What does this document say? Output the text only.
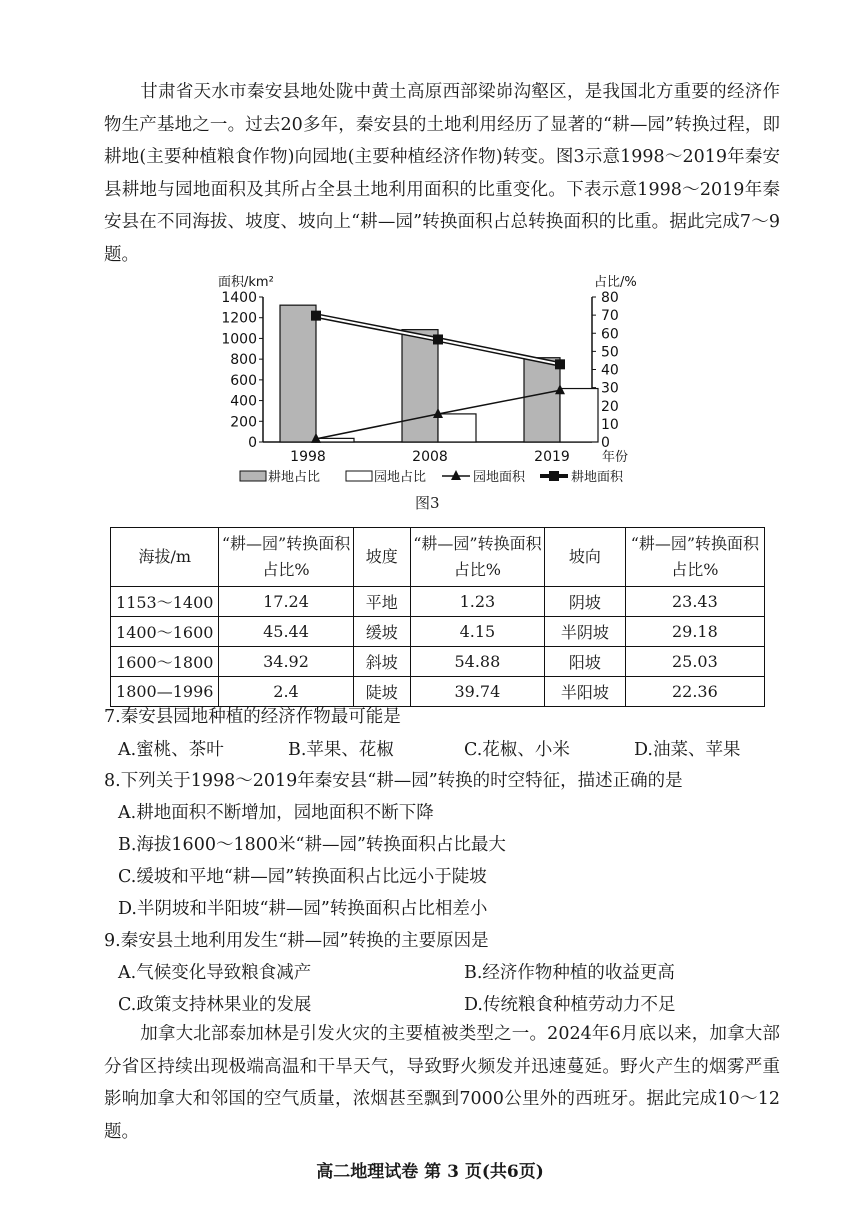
甘肃省天水市秦安县地处陇中黄土高原西部梁峁沟壑区，是我国北方重要的经济作物生产基地之一。过去20多年，秦安县的土地利用经历了显著的“耕—园”转换过程，即耕地(主要种植粮食作物)向园地(主要种植经济作物)转变。图3示意1998～2019年秦安县耕地与园地面积及其所占全县土地利用面积的比重变化。下表示意1998～2019年秦安县在不同海拔、坡度、坡向上“耕—园”转换面积占总转换面积的比重。据此完成7～9题。

面积/km²	占比/%
0
200
400
600
800
1000
1200
1400
0
10
20
30
40
50
60
70
80
1998	2008	2019 年份
耕地占比	园地占比	园地面积	耕地面积
图3
海拔/m	“耕—园”转换面积占比%	坡度	“耕—园”转换面积占比%	坡向	“耕—园”转换面积占比%
1153～1400	17.24	平地	1.23	阴坡	23.43
1400～1600	45.44	缓坡	4.15	半阴坡	29.18
1600～1800	34.92	斜坡	54.88	阳坡	25.03
1800—1996	2.4	陡坡	39.74	半阳坡	22.36

7.秦安县园地种植的经济作物最可能是

A.蜜桃、茶叶	B.苹果、花椒	C.花椒、小米	D.油菜、苹果

8.下列关于1998～2019年秦安县“耕—园”转换的时空特征，描述正确的是

A.耕地面积不断增加，园地面积不断下降
B.海拔1600～1800米“耕—园”转换面积占比最大
C.缓坡和平地“耕—园”转换面积占比远小于陡坡
D.半阴坡和半阳坡“耕—园”转换面积占比相差小

9.秦安县土地利用发生“耕—园”转换的主要原因是

A.气候变化导致粮食减产	B.经济作物种植的收益更高
C.政策支持林果业的发展	D.传统粮食种植劳动力不足

加拿大北部泰加林是引发火灾的主要植被类型之一。2024年6月底以来，加拿大部分省区持续出现极端高温和干旱天气，导致野火频发并迅速蔓延。野火产生的烟雾严重影响加拿大和邻国的空气质量，浓烟甚至飘到7000公里外的西班牙。据此完成10～12题。

高二地理试卷 第 3 页(共6页)
